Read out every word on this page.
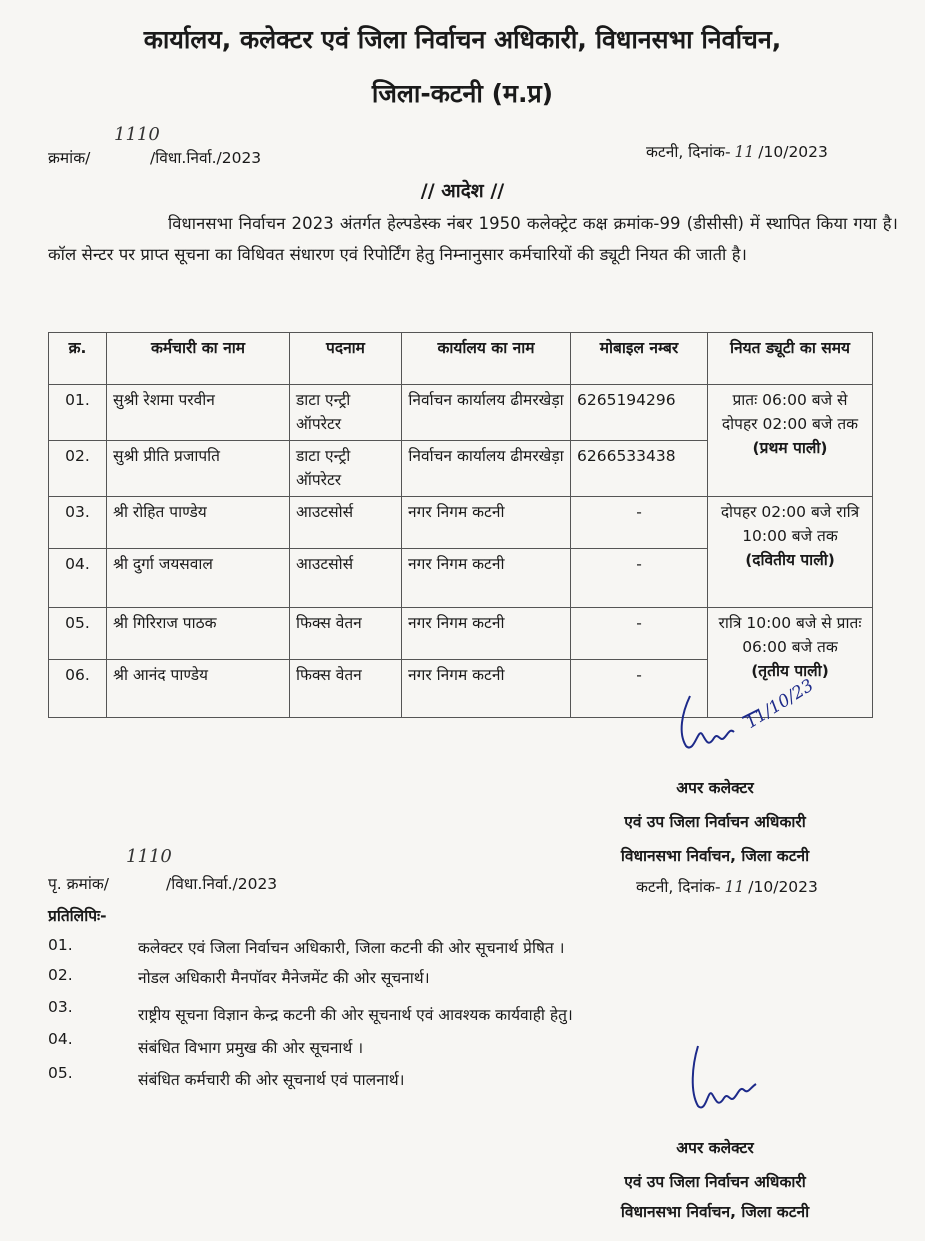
कार्यालय, कलेक्टर एवं जिला निर्वाचन अधिकारी, विधानसभा निर्वाचन,
जिला-कटनी (म.प्र)
क्रमांक/
1110
/विधा.निर्वा./2023	कटनी, दिनांक- 11 /10/2023
// आदेश //
विधानसभा निर्वाचन 2023 अंतर्गत हेल्पडेस्क नंबर 1950 कलेक्ट्रेट कक्ष क्रमांक-99 (डीसीसी) में स्थापित किया गया है। कॉल सेन्टर पर प्राप्त सूचना का विधिवत संधारण एवं रिपोर्टिंग हेतु निम्नानुसार कर्मचारियों की ड्यूटी नियत की जाती है।
क्र.	कर्मचारी का नाम	पदनाम	कार्यालय का नाम	मोबाइल नम्बर	नियत ड्यूटी का समय
01.	सुश्री रेशमा परवीन	डाटा एन्ट्री ऑपरेटर	निर्वाचन कार्यालय ढीमरखेड़ा	6265194296	प्रातः 06:00 बजे से दोपहर 02:00 बजे तक
(प्रथम पाली)

02.	सुश्री प्रीति प्रजापति	डाटा एन्ट्री ऑपरेटर	निर्वाचन कार्यालय ढीमरखेड़ा	6266533438	
03.	श्री रोहित पाण्डेय	आउटसोर्स	नगर निगम कटनी	-	दोपहर 02:00 बजे रात्रि 10:00 बजे तक
(दवितीय पाली)

04.	श्री दुर्गा जयसवाल	आउटसोर्स	नगर निगम कटनी	-	
05.	श्री गिरिराज पाठक	फिक्स वेतन	नगर निगम कटनी	-	रात्रि 10:00 बजे से प्रातः 06:00 बजे तक
(तृतीय पाली)

06.	श्री आनंद पाण्डेय	फिक्स वेतन	नगर निगम कटनी	-	
11/10/23
अपर कलेक्टर
एवं उप जिला निर्वाचन अधिकारी
विधानसभा निर्वाचन, जिला कटनी
पृ. क्रमांक/
1110
/विधा.निर्वा./2023	कटनी, दिनांक- 11 /10/2023
प्रतिलिपिः-
01.	कलेक्टर एवं जिला निर्वाचन अधिकारी, जिला कटनी की ओर सूचनार्थ प्रेषित ।
02.	नोडल अधिकारी मैनपॉवर मैनेजमेंट की ओर सूचनार्थ।
03.	राष्ट्रीय सूचना विज्ञान केन्द्र कटनी की ओर सूचनार्थ एवं आवश्यक कार्यवाही हेतु।
04.	संबंधित विभाग प्रमुख की ओर सूचनार्थ ।
05.	संबंधित कर्मचारी की ओर सूचनार्थ एवं पालनार्थ।
अपर कलेक्टर
एवं उप जिला निर्वाचन अधिकारी
विधानसभा निर्वाचन, जिला कटनी
